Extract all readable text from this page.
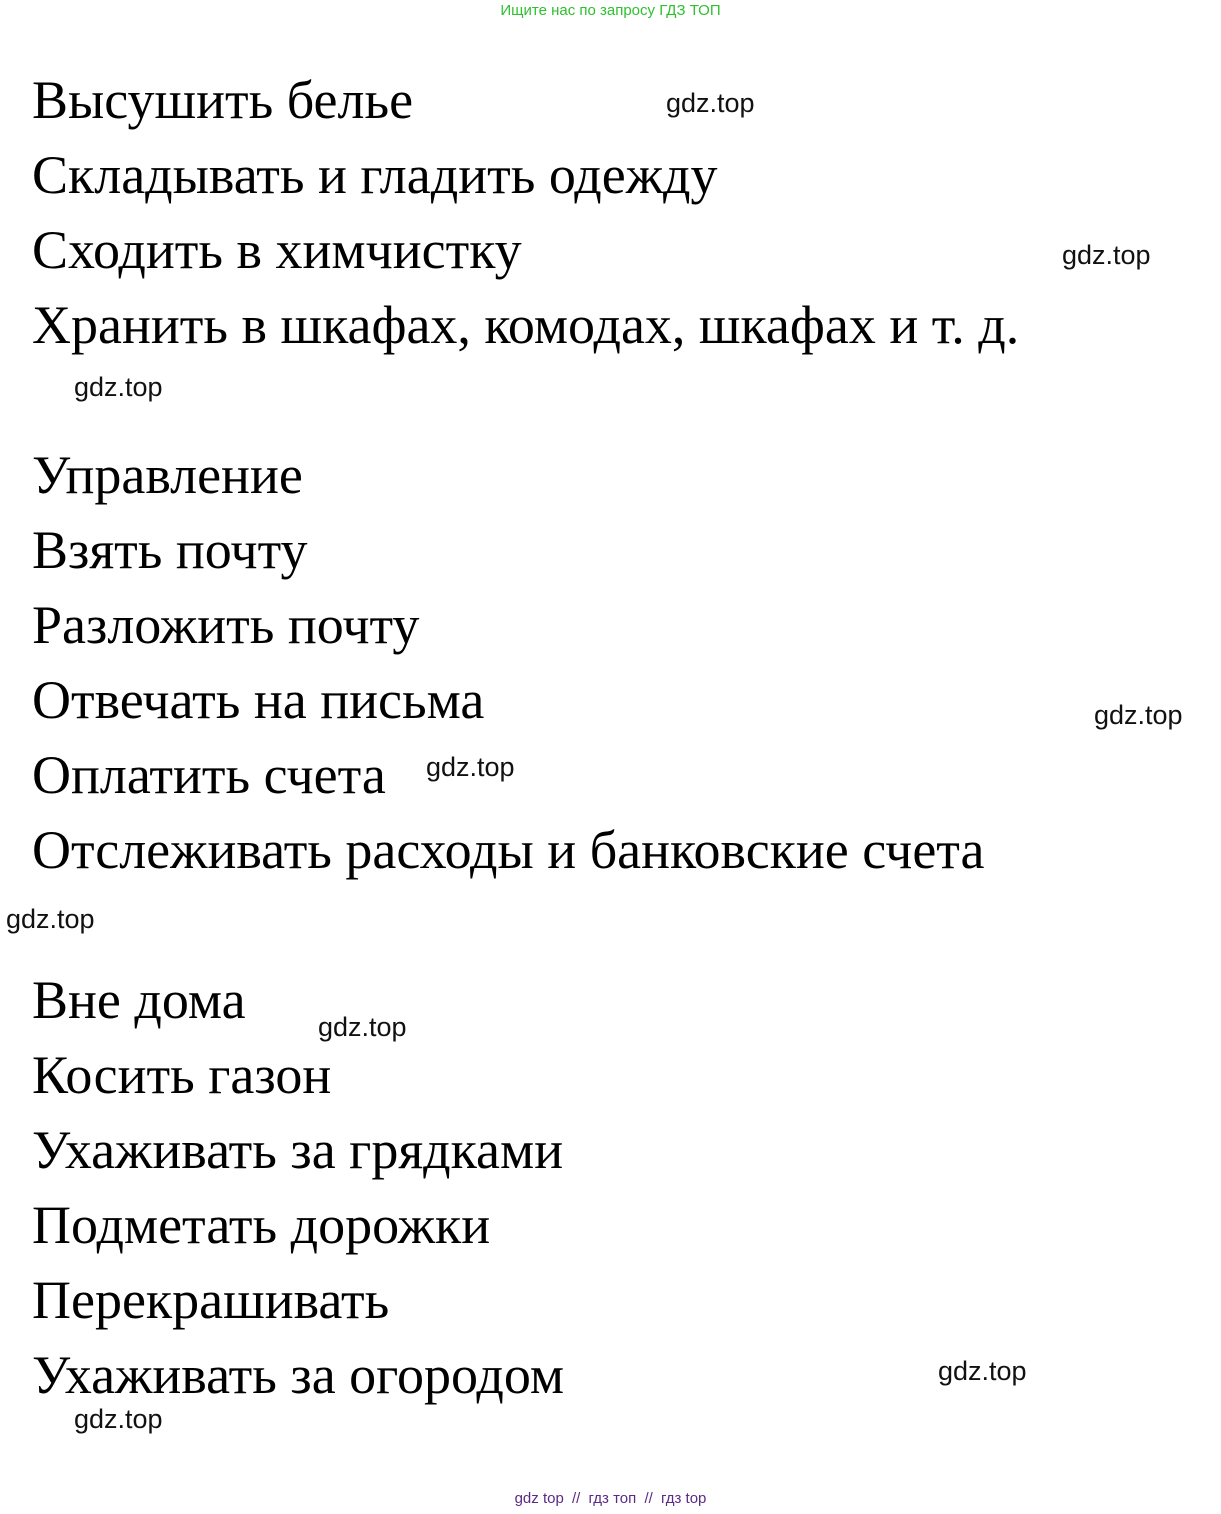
Ищите нас по запросу ГДЗ ТОП
Высушить белье
Складывать и гладить одежду
Сходить в химчистку
Хранить в шкафах, комодах, шкафах и т. д.
Управление
Взять почту
Разложить почту
Отвечать на письма
Оплатить счета
Отслеживать расходы и банковские счета
Вне дома
Косить газон
Ухаживать за грядками
Подметать дорожки
Перекрашивать
Ухаживать за огородом
gdz.top
gdz.top
gdz.top
gdz.top
gdz.top
gdz.top
gdz.top
gdz.top
gdz.top
gdz top // гдз топ // гдз top
